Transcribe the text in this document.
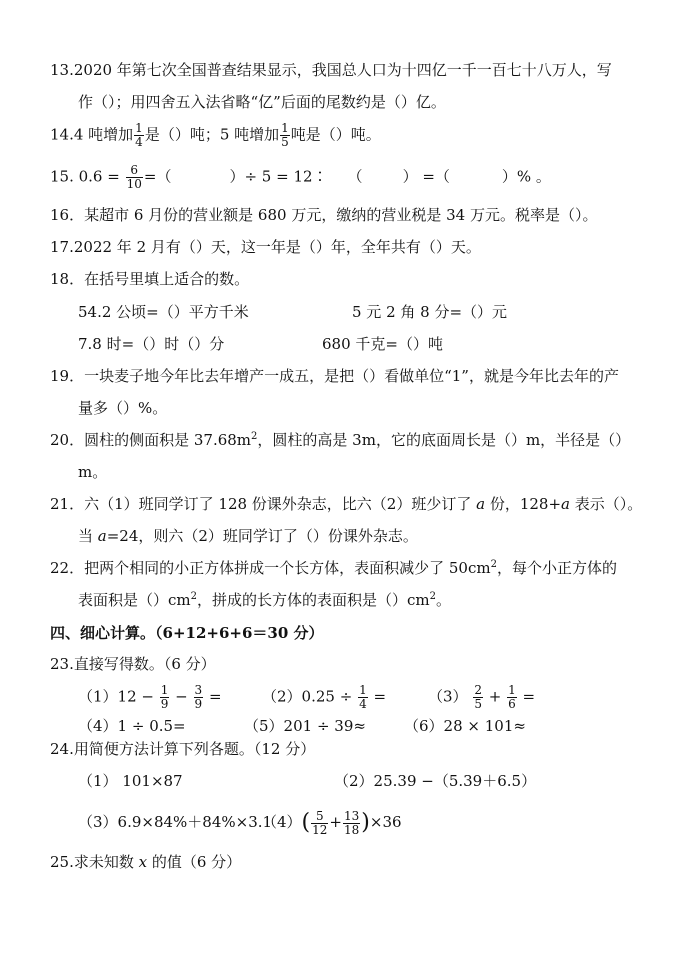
13.2020 年第七次全国普查结果显示，我国总人口为十四亿一千一百七十八万人，写
作（）；用四舍五入法省略“亿”后面的尾数约是（）亿。
14.4 吨增加 $\frac{1}{4}$ 是（）吨；5 吨增加 $\frac{1}{5}$ 吨是（）吨。
15. $0.6 = \frac{6}{10}$ =（	）÷ 5 = 12∶ （	） =（	）% 。
16．某超市 6 月份的营业额是 680 万元，缴纳的营业税是 34 万元。税率是（）。
17.2022 年 2 月有（）天，这一年是（）年，全年共有（）天。
18．在括号里填上适合的数。
54.2 公顷=（）平方千米	5 元 2 角 8 分=（）元
7.8 时=（）时（）分	680 千克=（）吨
19．一块麦子地今年比去年增产一成五，是把（）看做单位“1”，就是今年比去年的产
量多（）%。
20．圆柱的侧面积是 $37.68m^2$，圆柱的高是 3m，它的底面周长是（）m，半径是（）
m。
21．六（1）班同学订了 128 份课外杂志，比六（2）班少订了 a 份，128+a 表示（）。
当 a=24，则六（2）班同学订了（）份课外杂志。
22．把两个相同的小正方体拼成一个长方体，表面积减少了 $50cm^2$，每个小正方体的
表面积是$()cm^2$，拼成的长方体的表面积是$()cm^2$。
四、细心计算。（6+12+6+6＝30 分）
23.直接写得数。（6 分）
$(1)12 - \frac{1}{9} - \frac{3}{9}$ =	$(2)0.25 \div \frac{1}{4}$ =	$(3) \frac{2}{5} + \frac{1}{6}$ =
（4）1 ÷ 0.5=	（5）201 ÷ 39≈	（6）28 × 101≈
24.用简便方法计算下列各题。（12 分）
（1） 101×87	（2）25.39 −（5.39＋6.5）
（3）6.9×84%＋84%×3.1
$(4)( \frac{5}{12} + \frac{13}{18} )\times 36$
25.求未知数 x 的值（6 分）
